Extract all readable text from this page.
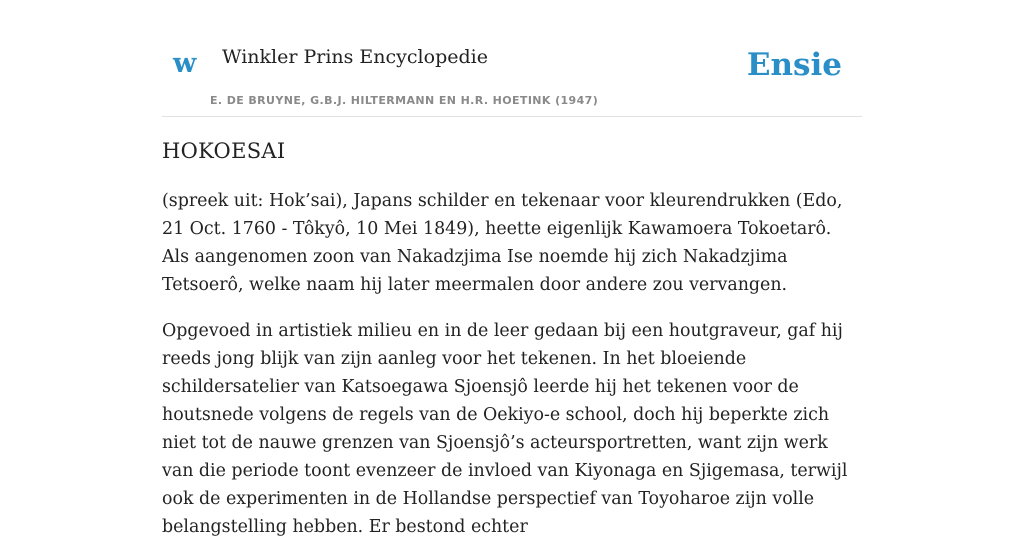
w Winkler Prins Encyclopedie
E. DE BRUYNE, G.B.J. HILTERMANN EN H.R. HOETINK (1947)
Ensie
HOKOESAI

(spreek uit: Hok’sai), Japans schilder en tekenaar voor kleurendrukken (Edo, 21 Oct. 1760 - Tôkyô, 10 Mei 1849), heette eigenlijk Kawamoera Tokoetarô. Als aangenomen zoon van Nakadzjima Ise noemde hij zich Nakadzjima Tetsoerô, welke naam hij later meermalen door andere zou vervangen.

Opgevoed in artistiek milieu en in de leer gedaan bij een houtgraveur, gaf hij reeds jong blijk van zijn aanleg voor het tekenen. In het bloeiende schildersatelier van Katsoegawa Sjoensjô leerde hij het tekenen voor de houtsnede volgens de regels van de Oekiyo-e school, doch hij beperkte zich niet tot de nauwe grenzen van Sjoensjô’s acteursportretten, want zijn werk van die periode toont evenzeer de invloed van Kiyonaga en Sjigemasa, terwijl ook de experimenten in de Hollandse perspectief van Toyoharoe zijn volle belangstelling hebben. Er bestond echter
